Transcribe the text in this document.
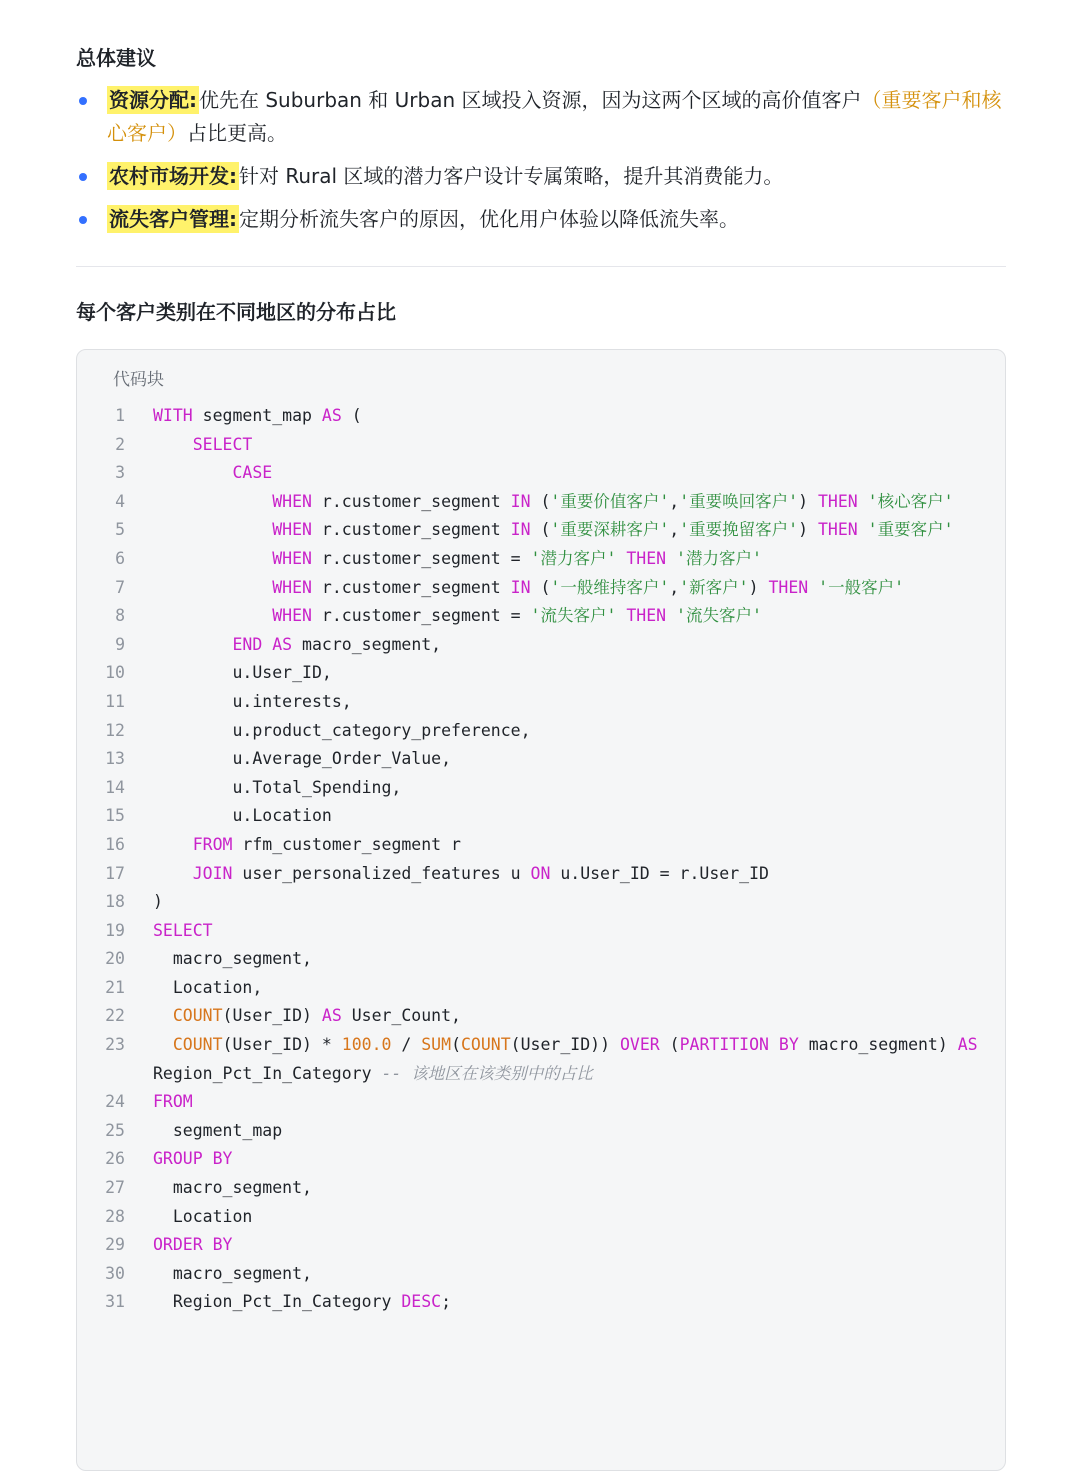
总体建议
资源分配: 优先在 Suburban 和 Urban 区域投入资源，因为这两个区域的高价值客户（重要客户和核心客户）占比更高。
农村市场开发: 针对 Rural 区域的潜力客户设计专属策略，提升其消费能力。
流失客户管理: 定期分析流失客户的原因，优化用户体验以降低流失率。
每个客户类别在不同地区的分布占比
代码块
1 WITH segment_map AS (
2	SELECT
3	CASE
4	WHEN r.customer_segment IN ('重要价值客户','重要唤回客户') THEN '核心客户'
5	WHEN r.customer_segment IN ('重要深耕客户','重要挽留客户') THEN '重要客户'
6	WHEN r.customer_segment = '潜力客户' THEN '潜力客户'
7	WHEN r.customer_segment IN ('一般维持客户','新客户') THEN '一般客户'

8	WHEN r.customer_segment = '流失客户' THEN '流失客户'
9	END AS macro_segment,
10 u.User_ID,
11 u.interests,
12 u.product_category_preference,
13 u.Average_Order_Value,
14 u.Total_Spending,
15 u.Location
16	FROM rfm_customer_segment r
17	JOIN user_personalized_features u ON u.User_ID = r.User_ID
18 )
19 SELECT
20 macro_segment,
21 Location,
22	COUNT(User_ID) AS User_Count,
23	COUNT(User_ID) * 100.0 / SUM(COUNT(User_ID)) OVER (PARTITION BY macro_segment) AS Region_Pct_In_Category -- 该地区在该类别中的占比
24 FROM
25 segment_map
26 GROUP BY
27 macro_segment,
28 Location
29 ORDER BY
30 macro_segment,
31 Region_Pct_In_Category DESC;
